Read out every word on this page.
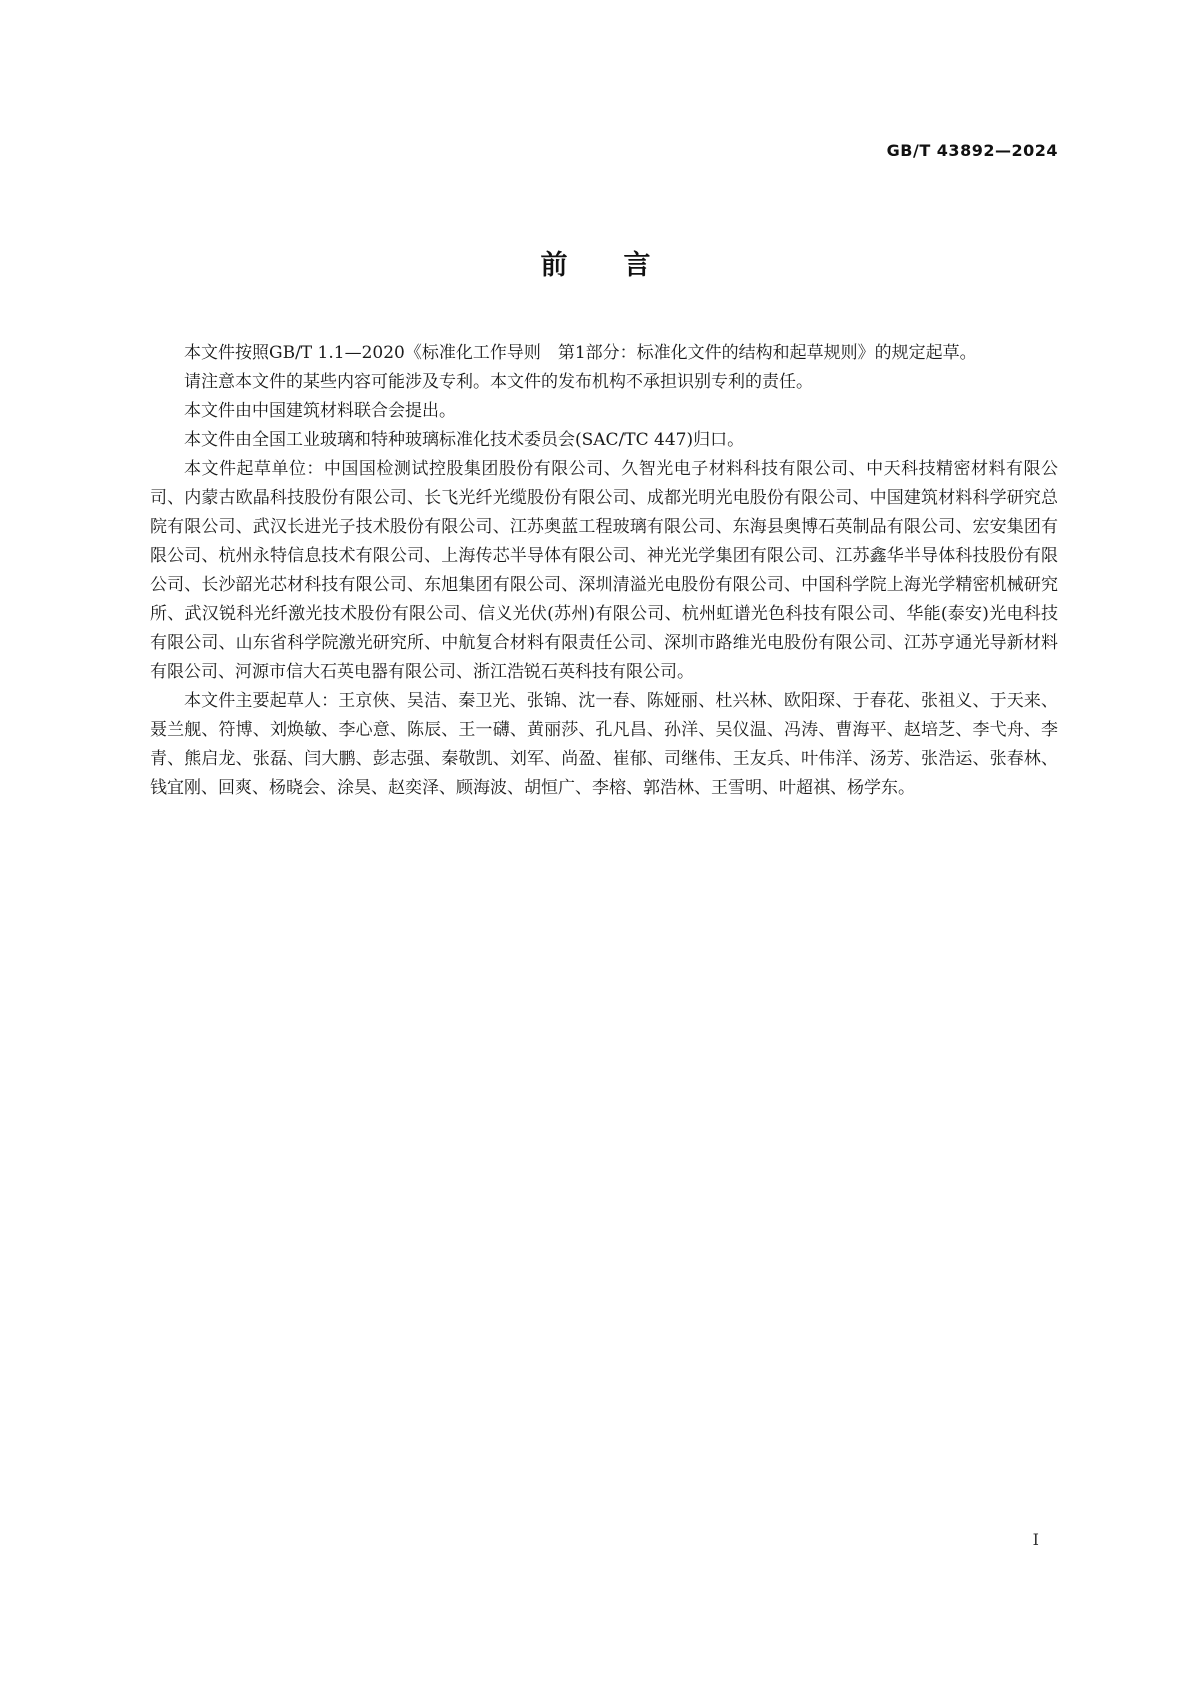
GB/T 43892—2024
前 言

本文件按照GB/T 1.1—2020《标准化工作导则　第1部分：标准化文件的结构和起草规则》的规定起草。

请注意本文件的某些内容可能涉及专利。本文件的发布机构不承担识别专利的责任。

本文件由中国建筑材料联合会提出。

本文件由全国工业玻璃和特种玻璃标准化技术委员会(SAC/TC 447)归口。

本文件起草单位：中国国检测试控股集团股份有限公司、久智光电子材料科技有限公司、中天科技精密材料有限公司、内蒙古欧晶科技股份有限公司、长飞光纤光缆股份有限公司、成都光明光电股份有限公司、中国建筑材料科学研究总院有限公司、武汉长进光子技术股份有限公司、江苏奥蓝工程玻璃有限公司、东海县奥博石英制品有限公司、宏安集团有限公司、杭州永特信息技术有限公司、上海传芯半导体有限公司、神光光学集团有限公司、江苏鑫华半导体科技股份有限公司、长沙韶光芯材科技有限公司、东旭集团有限公司、深圳清溢光电股份有限公司、中国科学院上海光学精密机械研究所、武汉锐科光纤激光技术股份有限公司、信义光伏(苏州)有限公司、杭州虹谱光色科技有限公司、华能(泰安)光电科技有限公司、山东省科学院激光研究所、中航复合材料有限责任公司、深圳市路维光电股份有限公司、江苏亨通光导新材料有限公司、河源市信大石英电器有限公司、浙江浩锐石英科技有限公司。

本文件主要起草人：王京俠、吴洁、秦卫光、张锦、沈一春、陈娅丽、杜兴林、欧阳琛、于春花、张祖义、于天来、聂兰舰、符博、刘焕敏、李心意、陈辰、王一礴、黄丽莎、孔凡昌、孙洋、吴仪温、冯涛、曹海平、赵培芝、李弋舟、李青、熊启龙、张磊、闫大鹏、彭志强、秦敬凯、刘军、尚盈、崔郁、司继伟、王友兵、叶伟洋、汤芳、张浩运、张春林、钱宜刚、回爽、杨晓会、涂昊、赵奕泽、顾海波、胡恒广、李榕、郭浩林、王雪明、叶超祺、杨学东。

I
